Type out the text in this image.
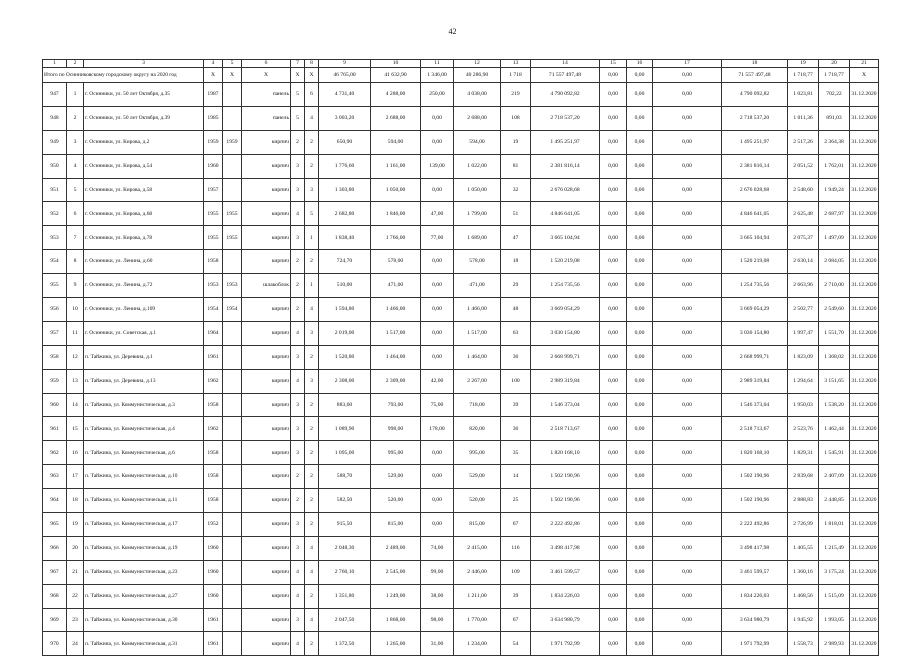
42
1	2	3	4	5	6	7	8	9	10	11	12	13	14	15	16	17	18	19	20	21
Итого по Осинниковскому городскому округу на 2020 год			X	X	X	X	X	46 765,00	41 632,90	1 346,00	40 286,90	1 718	71 557 497,48	0,00	0,00	0,00	71 557 497,48	1 718,77	1 718,77	X
947	1	г. Осинники, ул. 50 лет Октября, д.35	1987		панель	5	6	4 731,40	4 288,00	250,00	4 038,00	219	4 790 092,82	0,00	0,00	0,00	4 790 092,82	1 023,81	702,22	31.12.2020
948	2	г. Осинники, ул. 50 лет Октября, д.39	1985		панель	5	4	3 003,20	2 688,00	0,00	2 688,00	108	2 718 537,20	0,00	0,00	0,00	2 718 537,20	1 011,36	891,03	31.12.2020
949	3	г. Осинники, ул. Кирова, д.2	1959	1959	кирпич	2	2	650,90	594,00	0,00	594,00	19	1 495 251,97	0,00	0,00	0,00	1 495 251,97	2 517,26	2 364,38	31.12.2020
950	4	г. Осинники, ул. Кирова, д.54	1960		кирпич	3	2	1 776,60	1 161,00	139,00	1 022,00	81	2 381 816,14	0,00	0,00	0,00	2 381 816,14	2 051,52	1 762,01	31.12.2020
951	5	г. Осинники, ул. Кирова, д.58	1957		кирпич	3	3	1 303,80	1 050,00	0,00	1 050,00	32	2 676 028,68	0,00	0,00	0,00	2 676 028,68	2 548,60	1 949,24	31.12.2020
952	6	г. Осинники, ул. Кирова, д.68	1955	1955	кирпич	4	5	2 682,80	1 846,00	47,00	1 799,00	51	4 846 641,05	0,00	0,00	0,00	4 846 641,05	2 625,48	2 687,97	31.12.2020
953	7	г. Осинники, ул. Кирова, д.78	1955	1955	кирпич	3	1	1 838,40	1 766,00	77,00	1 689,00	47	3 665 104,94	0,00	0,00	0,00	3 665 104,94	2 075,37	1 497,09	31.12.2020
954	8	г. Осинники, ул. Ленина, д.60	1958		кирпич	2	2	724,70	578,00	0,00	578,00	18	1 520 219,08	0,00	0,00	0,00	1 520 219,08	2 630,14	2 084,05	31.12.2020
955	9	г. Осинники, ул. Ленина, д.72	1953	1953	шлакоблок	2	1	510,00	471,00	0,00	471,00	29	1 254 735,56	0,00	0,00	0,00	1 254 735,56	2 663,96	2 710,00	31.12.2020
956	10	г. Осинники, ул. Ленина, д.109	1954	1954	кирпич	2	4	1 594,80	1 466,00	0,00	1 466,00	48	3 669 054,29	0,00	0,00	0,00	3 669 054,29	2 502,77	2 549,60	31.12.2020
957	11	г. Осинники, ул. Советская, д.1	1964		кирпич	4	3	2 019,00	1 517,00	0,00	1 517,00	63	3 030 154,80	0,00	0,00	0,00	3 030 154,80	1 997,47	1 551,70	31.12.2020
958	12	п. Тайжина, ул. Деревина, д.1	1961		кирпич	3	2	1 520,80	1 464,00	0,00	1 464,00	36	2 668 999,71	0,00	0,00	0,00	2 668 999,71	1 823,09	1 368,02	31.12.2020
959	13	п. Тайжина, ул. Деревина, д.13	1962		кирпич	4	3	2 308,00	2 309,00	42,00	2 267,00	100	2 989 319,84	0,00	0,00	0,00	2 989 319,84	1 294,64	3 151,65	31.12.2020
960	14	п. Тайжина, ул. Коммунистическая, д.3	1958		кирпич	3	2	883,60	793,00	75,00	718,00	39	1 546 373,04	0,00	0,00	0,00	1 546 373,04	1 950,03	1 538,20	31.12.2020
961	15	п. Тайжина, ул. Коммунистическая, д.4	1962		кирпич	3	2	1 089,90	998,00	178,00	820,00	36	2 518 713,67	0,00	0,00	0,00	2 518 713,67	2 523,76	1 462,44	31.12.2020
962	16	п. Тайжина, ул. Коммунистическая, д.6	1958		кирпич	3	2	1 095,00	995,00	0,00	995,00	35	1 820 168,10	0,00	0,00	0,00	1 820 168,10	1 829,31	1 545,91	31.12.2020
963	17	п. Тайжина, ул. Коммунистическая, д.10	1958		кирпич	2	2	588,70	529,00	0,00	529,00	14	1 502 190,96	0,00	0,00	0,00	1 502 190,96	2 839,68	2 407,09	31.12.2020
964	18	п. Тайжина, ул. Коммунистическая, д.11	1958		кирпич	2	2	582,50	520,00	0,00	520,00	25	1 502 190,96	0,00	0,00	0,00	1 502 190,96	2 888,83	2 448,85	31.12.2020
965	19	п. Тайжина, ул. Коммунистическая, д.17	1952		кирпич	3	2	915,50	815,00	0,00	815,00	67	2 222 492,86	0,00	0,00	0,00	2 222 492,86	2 726,99	1 818,01	31.12.2020
966	20	п. Тайжина, ул. Коммунистическая, д.19	1960		кирпич	3	4	2 048,30	2 489,00	74,00	2 415,00	116	3 498 417,98	0,00	0,00	0,00	3 498 417,98	1 405,55	1 215,49	31.12.2020
967	21	п. Тайжина, ул. Коммунистическая, д.23	1960		кирпич	4	4	2 760,10	2 545,00	99,00	2 446,00	109	3 461 599,57	0,00	0,00	0,00	3 461 599,57	1 360,16	3 175,24	31.12.2020
968	22	п. Тайжина, ул. Коммунистическая, д.27	1960		кирпич	4	2	1 351,80	1 249,00	38,00	1 211,00	39	1 834 226,03	0,00	0,00	0,00	1 834 226,03	1 468,56	1 515,09	31.12.2020
969	23	п. Тайжина, ул. Коммунистическая, д.30	1961		кирпич	3	4	2 047,50	1 868,00	98,00	1 770,00	67	3 634 980,79	0,00	0,00	0,00	3 634 980,79	1 945,92	1 993,05	31.12.2020
970	24	п. Тайжина, ул. Коммунистическая, д.31	1961		кирпич	4	2	1 372,50	1 265,00	31,00	1 234,00	54	1 971 792,99	0,00	0,00	0,00	1 971 792,99	1 558,73	2 989,93	31.12.2020
